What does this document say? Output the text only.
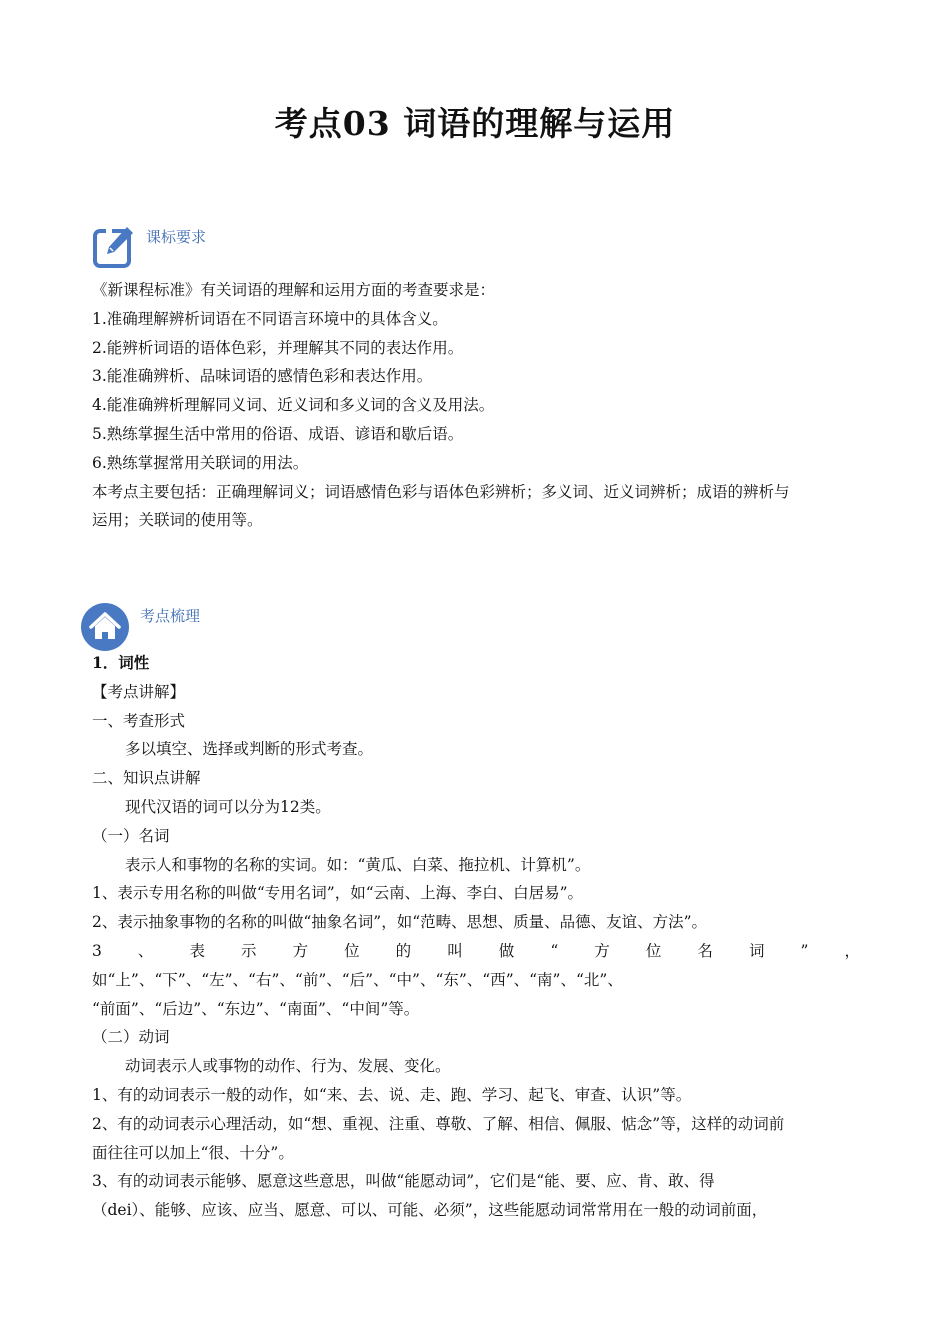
考点03 词语的理解与运用
课标要求
《新课程标准》有关词语的理解和运用方面的考查要求是：
1.准确理解辨析词语在不同语言环境中的具体含义。
2.能辨析词语的语体色彩，并理解其不同的表达作用。
3.能准确辨析、品味词语的感情色彩和表达作用。
4.能准确辨析理解同义词、近义词和多义词的含义及用法。
5.熟练掌握生活中常用的俗语、成语、谚语和歇后语。
6.熟练掌握常用关联词的用法。
本考点主要包括：正确理解词义；词语感情色彩与语体色彩辨析；多义词、近义词辨析；成语的辨析与
运用；关联词的使用等。
考点梳理
1．词性
【考点讲解】
一、考查形式
多以填空、选择或判断的形式考查。
二、知识点讲解
现代汉语的词可以分为12类。
（一）名词
表示人和事物的名称的实词。如：“黄瓜、白菜、拖拉机、计算机”。
1、表示专用名称的叫做“专用名词”，如“云南、上海、李白、白居易”。
2、表示抽象事物的名称的叫做“抽象名词”，如“范畴、思想、质量、品德、友谊、方法”。
3、表示方位的叫做“方位名词”，
如“上”、“下”、“左”、“右”、“前”、“后”、“中”、“东”、“西”、“南”、“北”、
“前面”、“后边”、“东边”、“南面”、“中间”等。
（二）动词
动词表示人或事物的动作、行为、发展、变化。
1、有的动词表示一般的动作，如“来、去、说、走、跑、学习、起飞、审查、认识”等。
2、有的动词表示心理活动，如“想、重视、注重、尊敬、了解、相信、佩服、惦念”等，这样的动词前
面往往可以加上“很、十分”。
3、有的动词表示能够、愿意这些意思，叫做“能愿动词”，它们是“能、要、应、肯、敢、得
（dei）、能够、应该、应当、愿意、可以、可能、必须”，这些能愿动词常常用在一般的动词前面，
